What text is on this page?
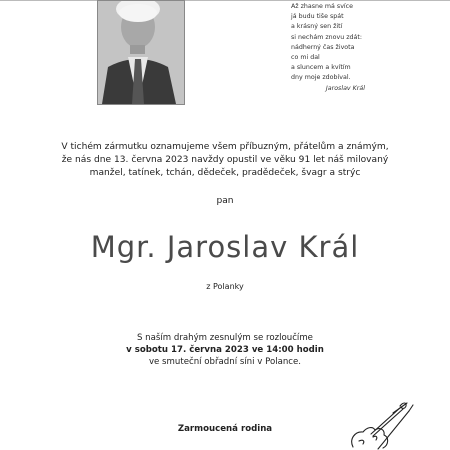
Až zhasne má svíce
já budu tiše spát
a krásný sen žití
si nechám znovu zdát:
nádherný čas života
co mi dal
a sluncem a kvítím
dny moje zdobíval.
Jaroslav Král
V tichém zármutku oznamujeme všem příbuzným, přátelům a známým,
že nás dne 13. června 2023 navždy opustil ve věku 91 let náš milovaný
manžel, tatínek, tchán, dědeček, pradědeček, švagr a strýc
pan
Mgr. Jaroslav Král
z Polanky
S naším drahým zesnulým se rozloučíme
v sobotu 17. června 2023 ve 14:00 hodin
ve smuteční obřadní síni v Polance.
Zarmoucená rodina
